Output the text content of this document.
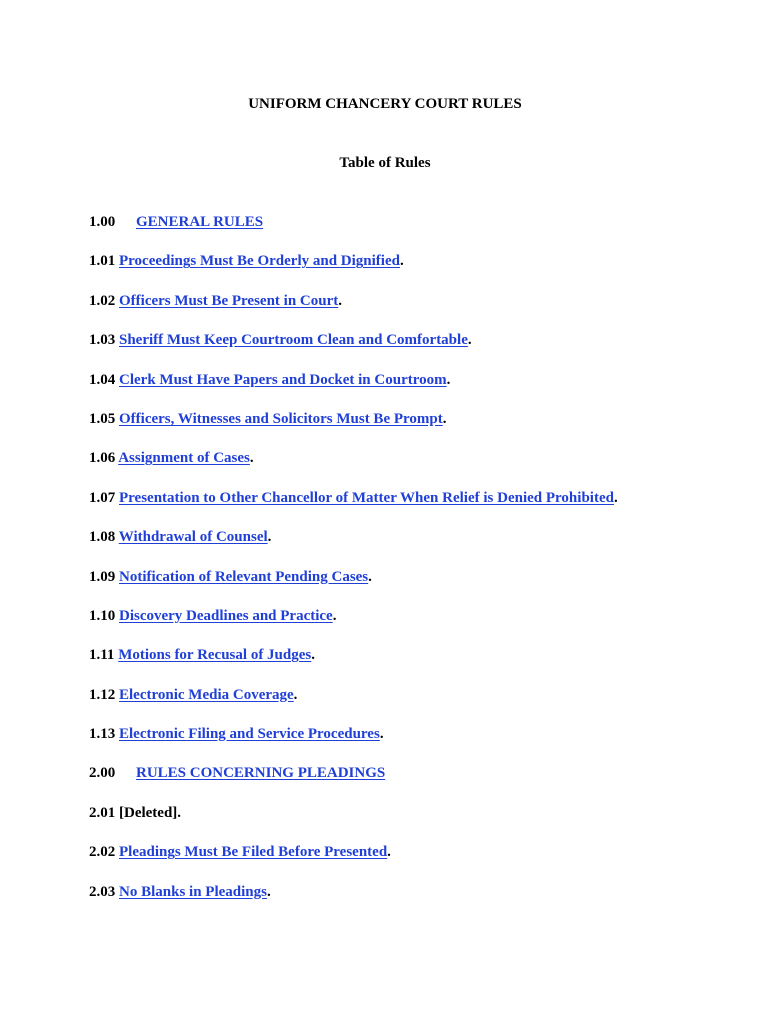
UNIFORM CHANCERY COURT RULES
Table of Rules
1.00 GENERAL RULES
1.01 Proceedings Must Be Orderly and Dignified.
1.02 Officers Must Be Present in Court.
1.03 Sheriff Must Keep Courtroom Clean and Comfortable.
1.04 Clerk Must Have Papers and Docket in Courtroom.
1.05 Officers, Witnesses and Solicitors Must Be Prompt.
1.06 Assignment of Cases.
1.07 Presentation to Other Chancellor of Matter When Relief is Denied Prohibited.
1.08 Withdrawal of Counsel.
1.09 Notification of Relevant Pending Cases.
1.10 Discovery Deadlines and Practice.
1.11 Motions for Recusal of Judges.
1.12 Electronic Media Coverage.
1.13 Electronic Filing and Service Procedures.
2.00 RULES CONCERNING PLEADINGS
2.01 [Deleted].
2.02 Pleadings Must Be Filed Before Presented.
2.03 No Blanks in Pleadings.
